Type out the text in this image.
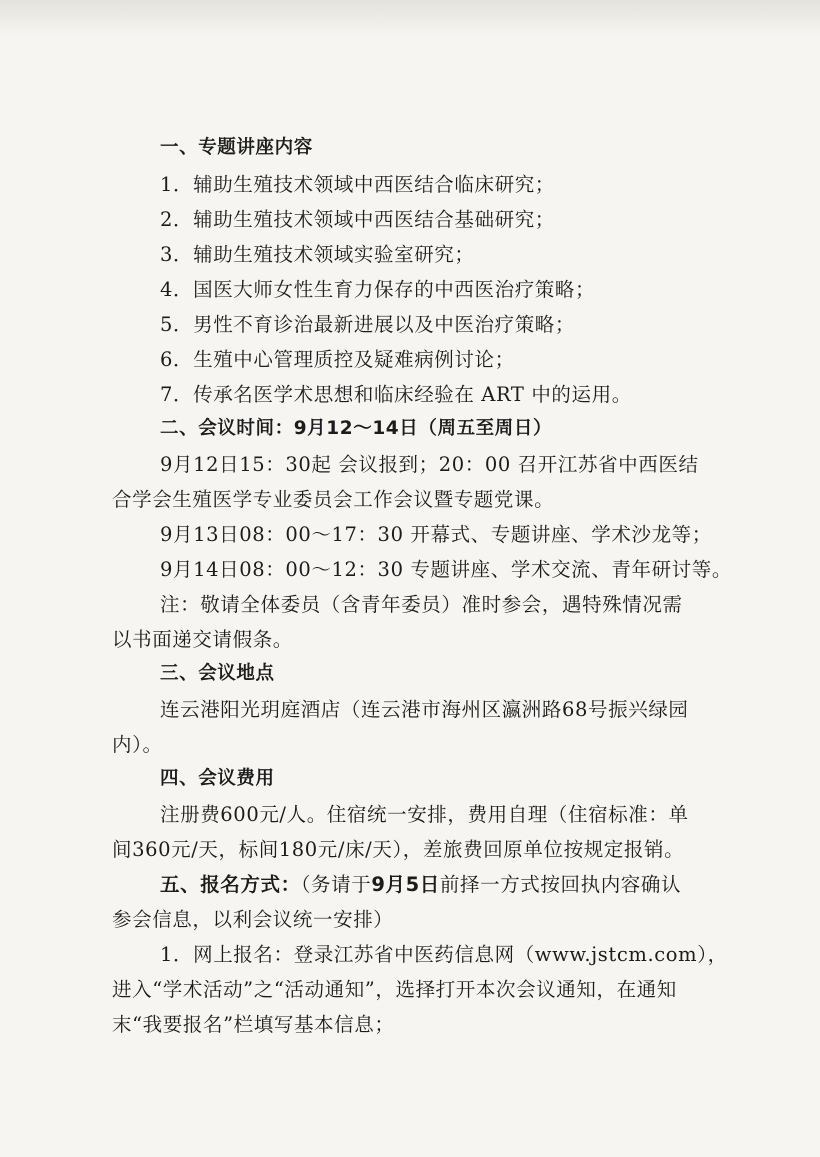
一、专题讲座内容
1．辅助生殖技术领域中西医结合临床研究；
2．辅助生殖技术领域中西医结合基础研究；
3．辅助生殖技术领域实验室研究；
4．国医大师女性生育力保存的中西医治疗策略；
5．男性不育诊治最新进展以及中医治疗策略；
6．生殖中心管理质控及疑难病例讨论；
7．传承名医学术思想和临床经验在 ART 中的运用。
二、会议时间：9月12～14日（周五至周日）
9月12日15：30起 会议报到；20：00 召开江苏省中西医结
合学会生殖医学专业委员会工作会议暨专题党课。
9月13日08：00～17：30 开幕式、专题讲座、学术沙龙等；
9月14日08：00～12：30 专题讲座、学术交流、青年研讨等。
注：敬请全体委员（含青年委员）准时参会，遇特殊情况需
以书面递交请假条。
三、会议地点
连云港阳光玥庭酒店（连云港市海州区瀛洲路68号振兴绿园
内）。
四、会议费用
注册费600元/人。住宿统一安排，费用自理（住宿标准：单
间360元/天，标间180元/床/天），差旅费回原单位按规定报销。
五、报名方式：（务请于9月5日前择一方式按回执内容确认
参会信息，以利会议统一安排）
1．网上报名：登录江苏省中医药信息网（www.jstcm.com），
进入“学术活动”之“活动通知”，选择打开本次会议通知，在通知
末“我要报名”栏填写基本信息；
